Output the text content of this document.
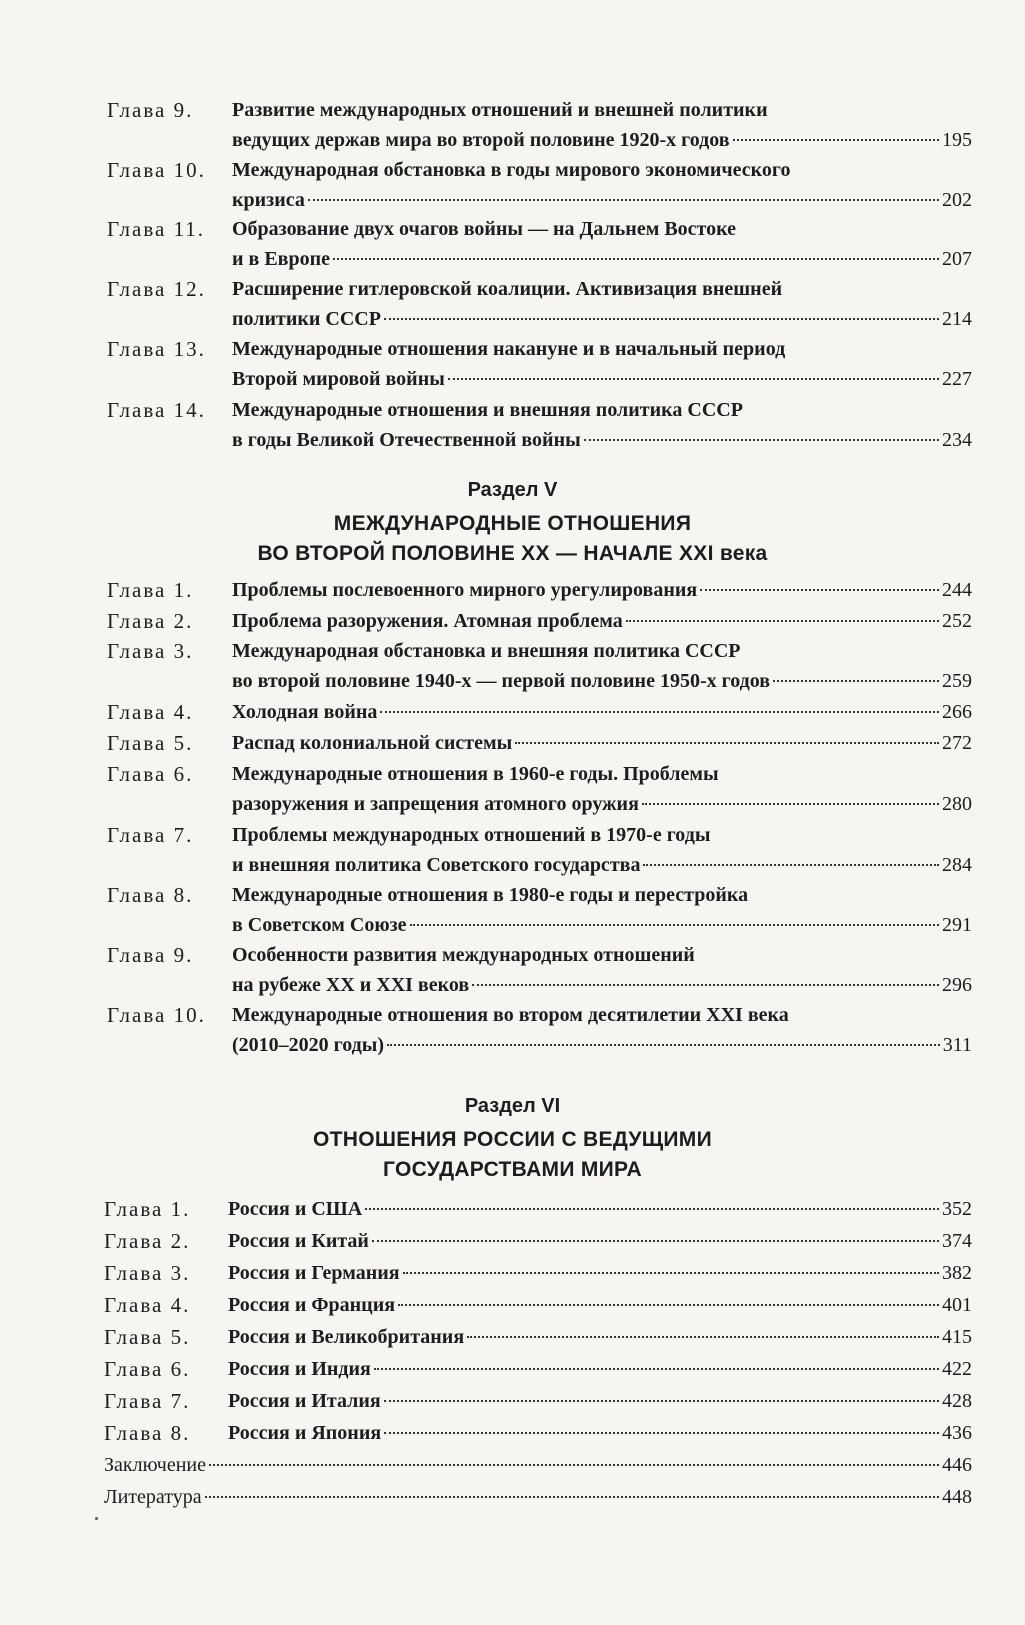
Глава 9. Развитие международных отношений и внешней политики
ведущих держав мира во второй половине 1920-х годов	195
Глава 10. Международная обстановка в годы мирового экономического
кризиса	202
Глава 11. Образование двух очагов войны — на Дальнем Востоке
и в Европе	207
Глава 12. Расширение гитлеровской коалиции. Активизация внешней
политики СССР	214
Глава 13. Международные отношения накануне и в начальный период
Второй мировой войны	227
Глава 14. Международные отношения и внешняя политика СССР
в годы Великой Отечественной войны	234
Раздел V
МЕЖДУНАРОДНЫЕ ОТНОШЕНИЯ
ВО ВТОРОЙ ПОЛОВИНЕ XX — НАЧАЛЕ XXI века
Глава 1. Проблемы послевоенного мирного урегулирования	244
Глава 2. Проблема разоружения. Атомная проблема	252
Глава 3. Международная обстановка и внешняя политика СССР
во второй половине 1940-х — первой половине 1950-х годов	259
Глава 4. Холодная война	266
Глава 5. Распад колониальной системы	272
Глава 6. Международные отношения в 1960-е годы. Проблемы
разоружения и запрещения атомного оружия	280
Глава 7. Проблемы международных отношений в 1970-е годы
и внешняя политика Советского государства	284
Глава 8. Международные отношения в 1980-е годы и перестройка
в Советском Союзе	291
Глава 9. Особенности развития международных отношений
на рубеже XX и XXI веков	296
Глава 10. Международные отношения во втором десятилетии XXI века
(2010–2020 годы)	311
Раздел VI
ОТНОШЕНИЯ РОССИИ С ВЕДУЩИМИ
ГОСУДАРСТВАМИ МИРА
Глава 1. Россия и США	352
Глава 2. Россия и Китай	374
Глава 3. Россия и Германия	382
Глава 4. Россия и Франция	401
Глава 5. Россия и Великобритания	415
Глава 6. Россия и Индия	422
Глава 7. Россия и Италия	428
Глава 8. Россия и Япония	436
Заключение	446
Литература	448
